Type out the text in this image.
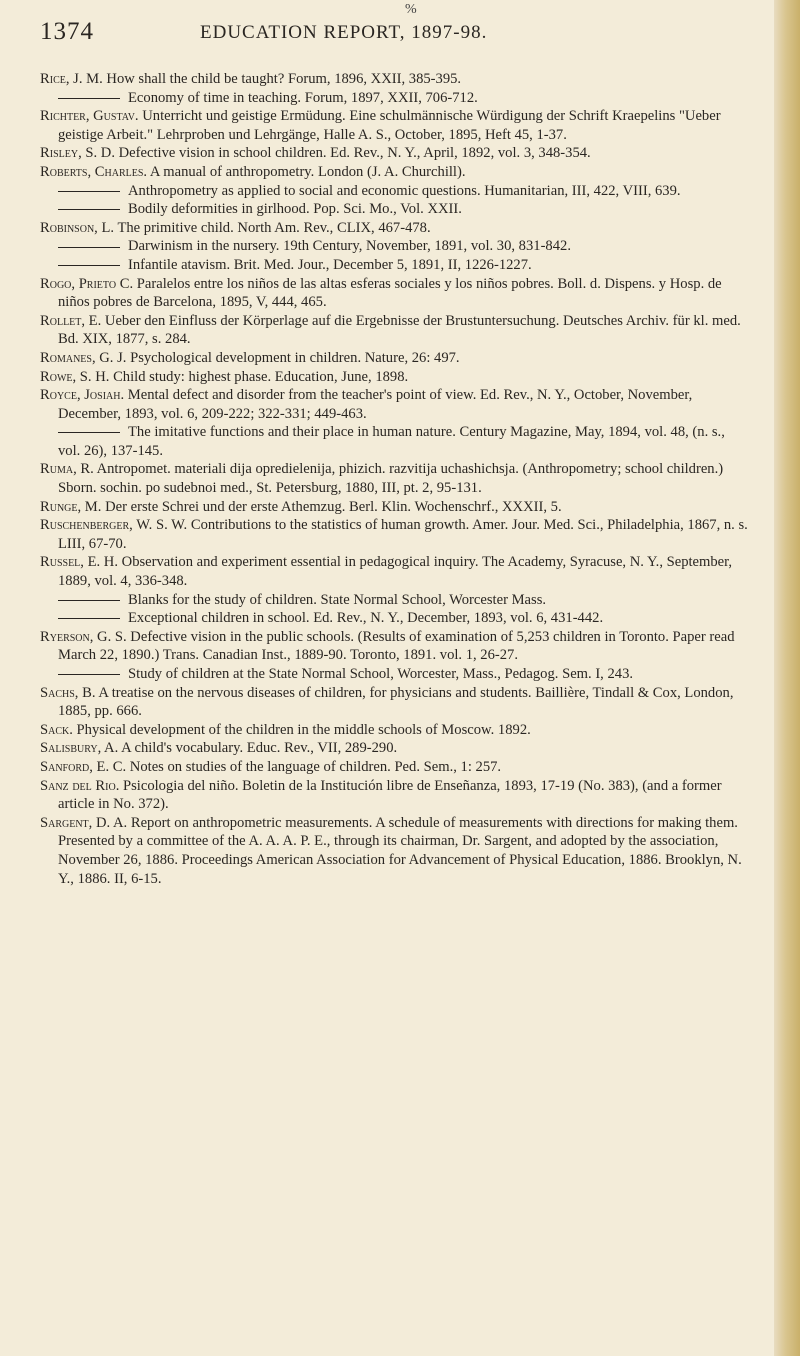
%
1374	EDUCATION REPORT, 1897-98.

Rice, J. M. How shall the child be taught? Forum, 1896, XXII, 385-395.

Economy of time in teaching. Forum, 1897, XXII, 706-712.

Richter, Gustav. Unterricht und geistige Ermüdung. Eine schulmännische Würdigung der Schrift Kraepelins "Ueber geistige Arbeit." Lehrproben und Lehrgänge, Halle A. S., October, 1895, Heft 45, 1-37.

Risley, S. D. Defective vision in school children. Ed. Rev., N. Y., April, 1892, vol. 3, 348-354.

Roberts, Charles. A manual of anthropometry. London (J. A. Churchill).

Anthropometry as applied to social and economic questions. Humanitarian, III, 422, VIII, 639.

Bodily deformities in girlhood. Pop. Sci. Mo., Vol. XXII.

Robinson, L. The primitive child. North Am. Rev., CLIX, 467-478.

Darwinism in the nursery. 19th Century, November, 1891, vol. 30, 831-842.

Infantile atavism. Brit. Med. Jour., December 5, 1891, II, 1226-1227.

Rogo, Prieto C. Paralelos entre los niños de las altas esferas sociales y los niños pobres. Boll. d. Dispens. y Hosp. de niños pobres de Barcelona, 1895, V, 444, 465.

Rollet, E. Ueber den Einfluss der Körperlage auf die Ergebnisse der Brustuntersuchung. Deutsches Archiv. für kl. med. Bd. XIX, 1877, s. 284.

Romanes, G. J. Psychological development in children. Nature, 26: 497.

Rowe, S. H. Child study: highest phase. Education, June, 1898.

Royce, Josiah. Mental defect and disorder from the teacher's point of view. Ed. Rev., N. Y., October, November, December, 1893, vol. 6, 209-222; 322-331; 449-463.

The imitative functions and their place in human nature. Century Magazine, May, 1894, vol. 48, (n. s., vol. 26), 137-145.

Ruma, R. Antropomet. materiali dija opredielenija, phizich. razvitija uchashichsja. (Anthropometry; school children.) Sborn. sochin. po sudebnoi med., St. Petersburg, 1880, III, pt. 2, 95-131.

Runge, M. Der erste Schrei und der erste Athemzug. Berl. Klin. Wochenschrf., XXXII, 5.

Ruschenberger, W. S. W. Contributions to the statistics of human growth. Amer. Jour. Med. Sci., Philadelphia, 1867, n. s. LIII, 67-70.

Russel, E. H. Observation and experiment essential in pedagogical inquiry. The Academy, Syracuse, N. Y., September, 1889, vol. 4, 336-348.

Blanks for the study of children. State Normal School, Worcester Mass.

Exceptional children in school. Ed. Rev., N. Y., December, 1893, vol. 6, 431-442.

Ryerson, G. S. Defective vision in the public schools. (Results of examination of 5,253 children in Toronto. Paper read March 22, 1890.) Trans. Canadian Inst., 1889-90. Toronto, 1891. vol. 1, 26-27.

Study of children at the State Normal School, Worcester, Mass., Pedagog. Sem. I, 243.

Sachs, B. A treatise on the nervous diseases of children, for physicians and students. Baillière, Tindall & Cox, London, 1885, pp. 666.

Sack. Physical development of the children in the middle schools of Moscow. 1892.

Salisbury, A. A child's vocabulary. Educ. Rev., VII, 289-290.

Sanford, E. C. Notes on studies of the language of children. Ped. Sem., 1: 257.

Sanz del Rio. Psicologia del niño. Boletin de la Institución libre de Enseñanza, 1893, 17-19 (No. 383), (and a former article in No. 372).

Sargent, D. A. Report on anthropometric measurements. A schedule of measurements with directions for making them. Presented by a committee of the A. A. A. P. E., through its chairman, Dr. Sargent, and adopted by the association, November 26, 1886. Proceedings American Association for Advancement of Physical Education, 1886. Brooklyn, N. Y., 1886. II, 6-15.
